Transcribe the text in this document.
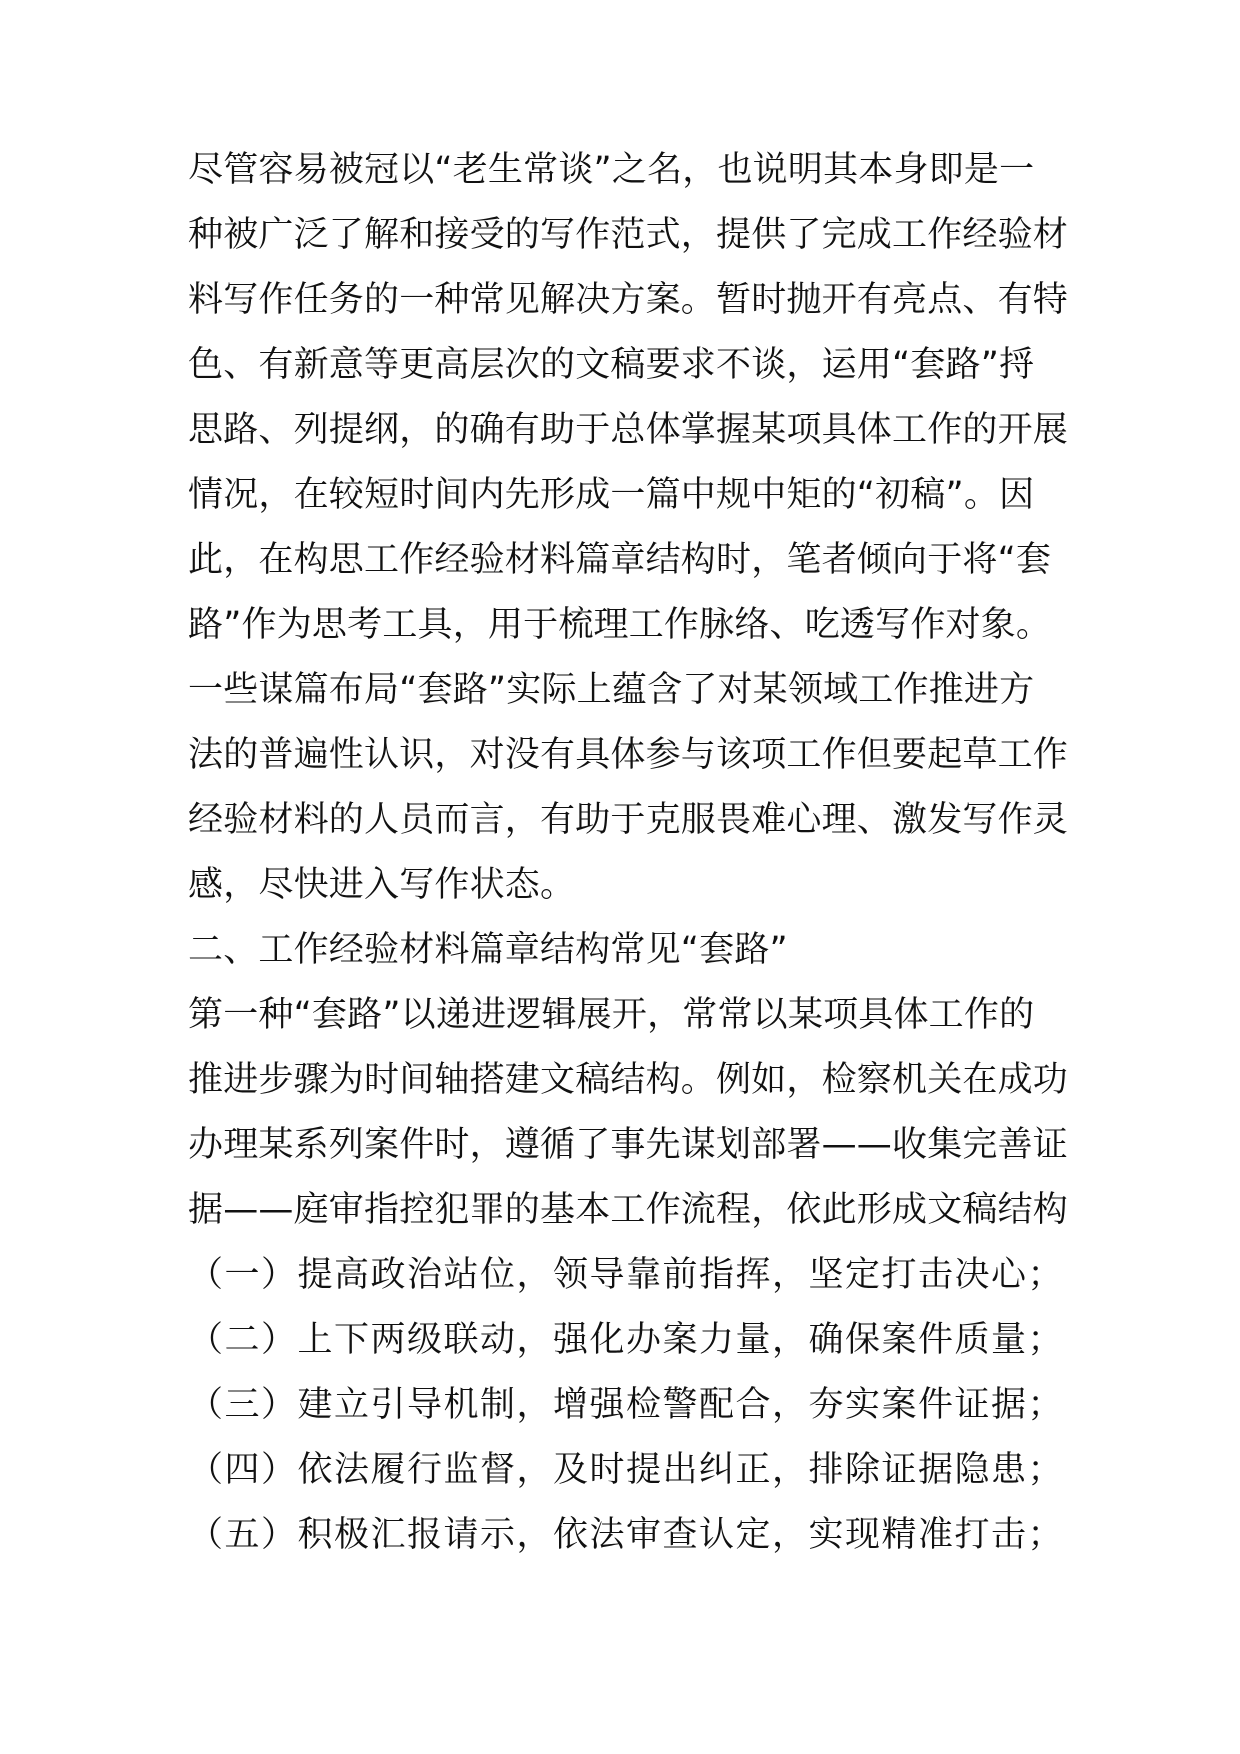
尽管容易被冠以“老生常谈”之名，也说明其本身即是一
种被广泛了解和接受的写作范式，提供了完成工作经验材
料写作任务的一种常见解决方案。暂时抛开有亮点、有特
色、有新意等更高层次的文稿要求不谈，运用“套路”捋
思路、列提纲，的确有助于总体掌握某项具体工作的开展
情况，在较短时间内先形成一篇中规中矩的“初稿”。因
此，在构思工作经验材料篇章结构时，笔者倾向于将“套
路”作为思考工具，用于梳理工作脉络、吃透写作对象。
一些谋篇布局“套路”实际上蕴含了对某领域工作推进方
法的普遍性认识，对没有具体参与该项工作但要起草工作
经验材料的人员而言，有助于克服畏难心理、激发写作灵
感，尽快进入写作状态。
二、工作经验材料篇章结构常见“套路”
第一种“套路”以递进逻辑展开，常常以某项具体工作的
推进步骤为时间轴搭建文稿结构。例如，检察机关在成功
办理某系列案件时，遵循了事先谋划部署——收集完善证
据——庭审指控犯罪的基本工作流程，依此形成文稿结构
（一）提高政治站位，领导靠前指挥，坚定打击决心；
（二）上下两级联动，强化办案力量，确保案件质量；
（三）建立引导机制，增强检警配合，夯实案件证据；
（四）依法履行监督，及时提出纠正，排除证据隐患；
（五）积极汇报请示，依法审查认定，实现精准打击；
